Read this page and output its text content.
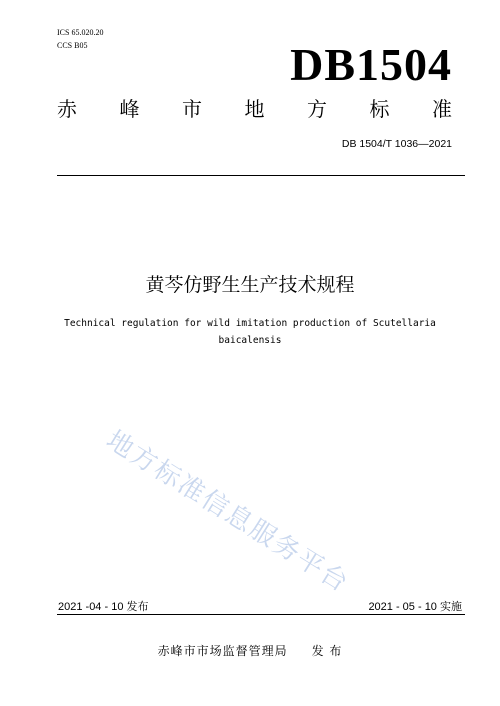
ICS 65.020.20
CCS B05	DB1504
赤 峰 市 地 方 标 准
DB 1504/T 1036—2021
黄芩仿野生生产技术规程
Technical regulation for wild imitation production of Scutellaria
baicalensis
地方标准信息服务平台
2021 -04 - 10 发布	2021 - 05 - 10 实施
赤峰市市场监督管理局 发 布
